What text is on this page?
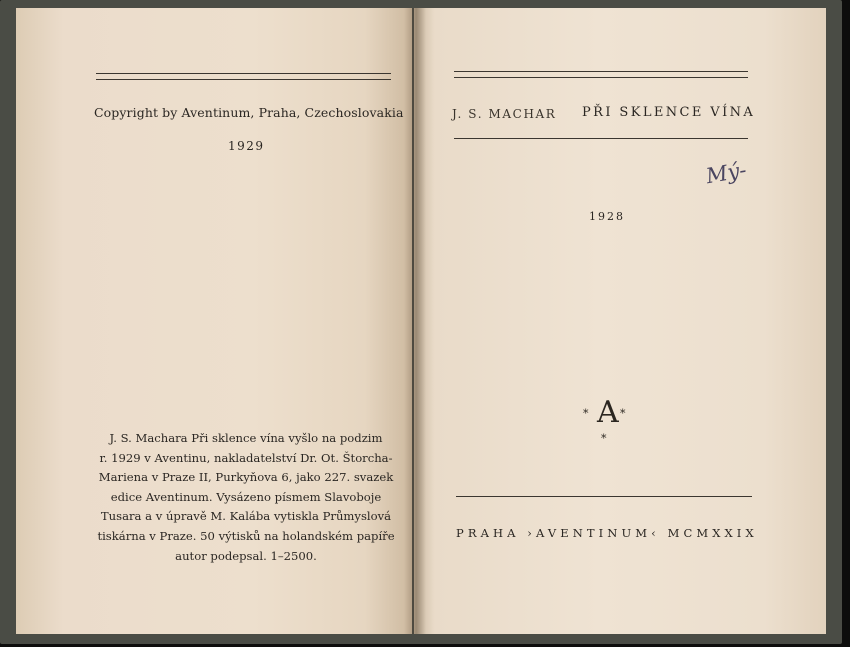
Copyright by Aventinum, Praha, Czechoslovakia
1929
J. S. Machara Při sklence vína vyšlo na podzim
r. 1929 v Aventinu, nakladatelství Dr. Ot. Štorcha-
Mariena v Praze II, Purkyňova 6, jako 227. svazek
edice Aventinum. Vysázeno písmem Slavoboje
Tusara a v úpravě M. Kalába vytiskla Průmyslová
tiskárna v Praze. 50 výtisků na holandském papíře
autor podepsal. 1–2500.
J. S. MACHAR PŘI SKLENCE VÍNA
Mý-
1928
* A *
*
PRAHA ›AVENTINUM‹ MCMXXIX
